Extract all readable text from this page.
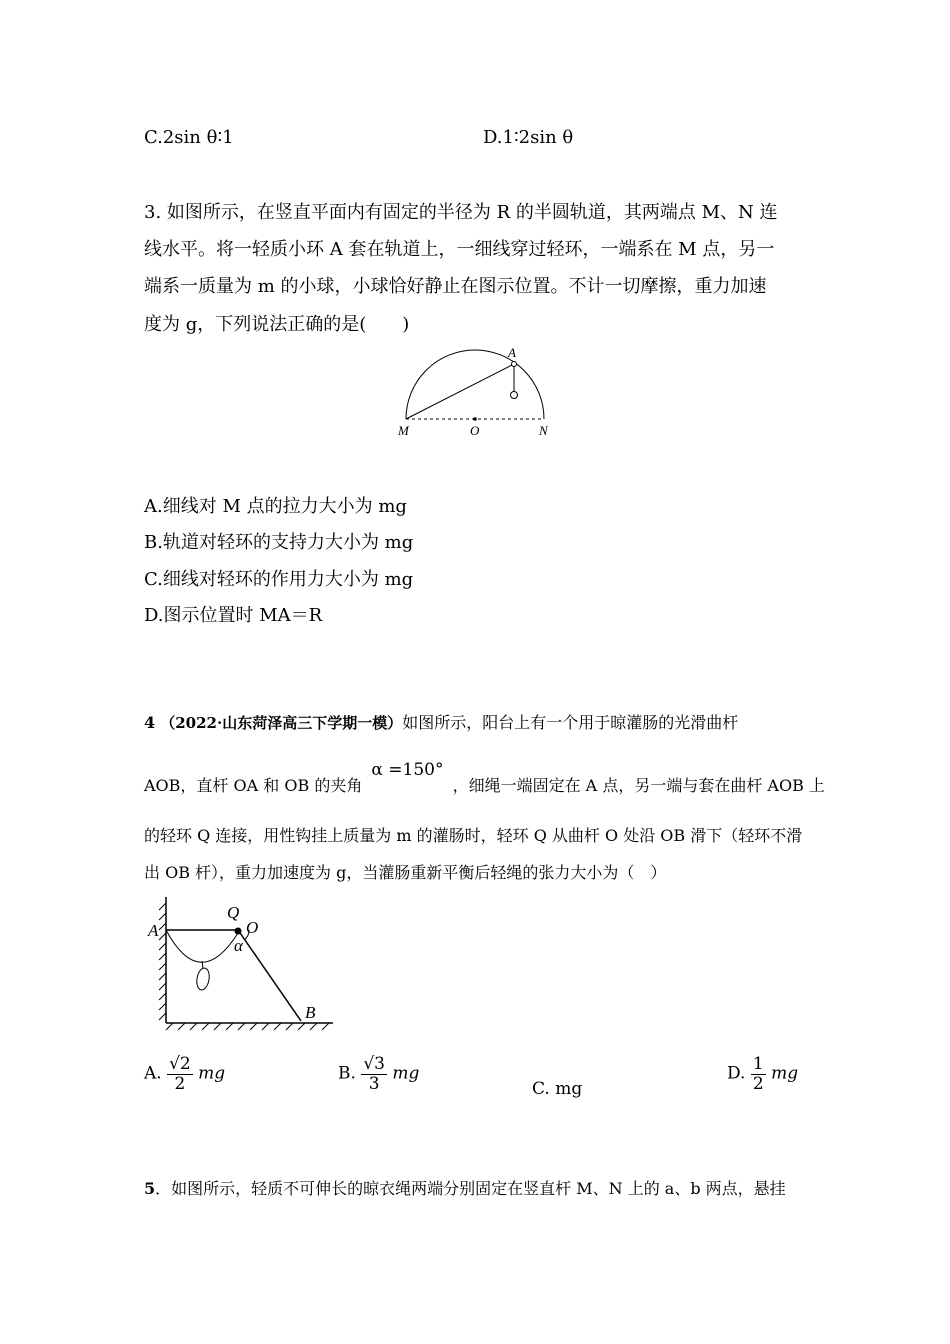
C.2sin θ∶1	D.1∶2sin θ
3. 如图所示，在竖直平面内有固定的半径为 R 的半圆轨道，其两端点 M、N 连
线水平。将一轻质小环 A 套在轨道上，一细线穿过轻环，一端系在 M 点，另一
端系一质量为 m 的小球，小球恰好静止在图示位置。不计一切摩擦，重力加速
度为 g，下列说法正确的是(　　)
A
M	O	N
A.细线对 M 点的拉力大小为 mg
B.轨道对轻环的支持力大小为 mg
C.细线对轻环的作用力大小为 mg
D.图示位置时 MA＝R
4 （2022·山东菏泽高三下学期一模）如图所示，阳台上有一个用于晾灌肠的光滑曲杆
AOB，直杆 OA 和 OB 的夹角 α =150° ，细绳一端固定在 A 点，另一端与套在曲杆 AOB 上
的轻环 Q 连接，用性钩挂上质量为 m 的灌肠时，轻环 Q 从曲杆 O 处沿 OB 滑下（轻环不滑
出 OB 杆），重力加速度为 g，当灌肠重新平衡后轻绳的张力大小为（　）
A
Q
O
α
B
A. $\frac{√2}{2}$ mg	B. $\frac{√3}{3}$ mg
C. mg
D. $\frac{1}{2}$ mg
5．如图所示，轻质不可伸长的晾衣绳两端分别固定在竖直杆 M、N 上的 a、b 两点，悬挂
